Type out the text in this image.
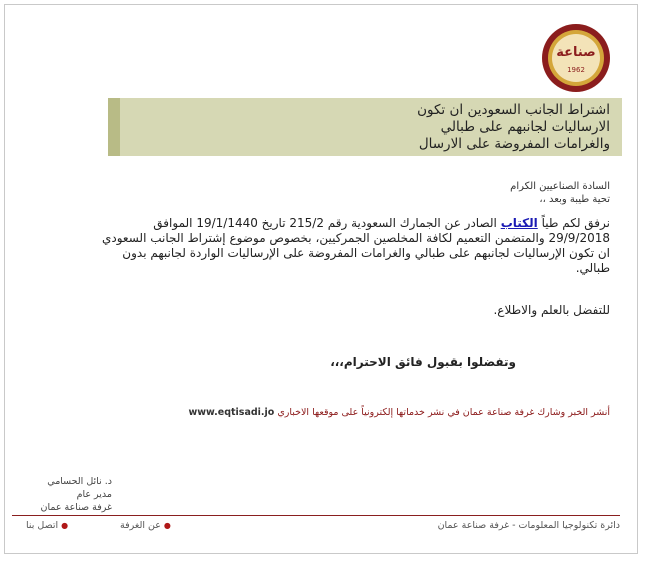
صناعة
1962
اشتراط الجانب السعودين ان تكون
الارساليات لجانبهم على طبالي
والغرامات المفروضة على الارسال
السادة الصناعيين الكرام
تحية طيبة وبعد ،،
نرفق لكم طياً الكتاب الصادر عن الجمارك السعودية رقم 215/2 تاريخ 19/1/1440 الموافق 29/9/2018 والمتضمن التعميم لكافة المخلصين الجمركيين، بخصوص موضوع إشتراط الجانب السعودي ان تكون الإرساليات لجانبهم على طبالي والغرامات المفروضة على الإرساليات الواردة لجانبهم بدون طبالي.
للتفضل بالعلم والاطلاع.
وتفضلوا بقبول فائق الاحترام،،،
أنشر الخبر وشارك غرفة صناعة عمان في نشر خدماتها إلكترونياً على موقعها الاخباري www.eqtisadi.jo
د. نائل الحسامي
مدير عام
غرفة صناعة عمان
●اتصل بنا	●عن الغرفة	دائرة تكنولوجيا المعلومات - غرفة صناعة عمان
